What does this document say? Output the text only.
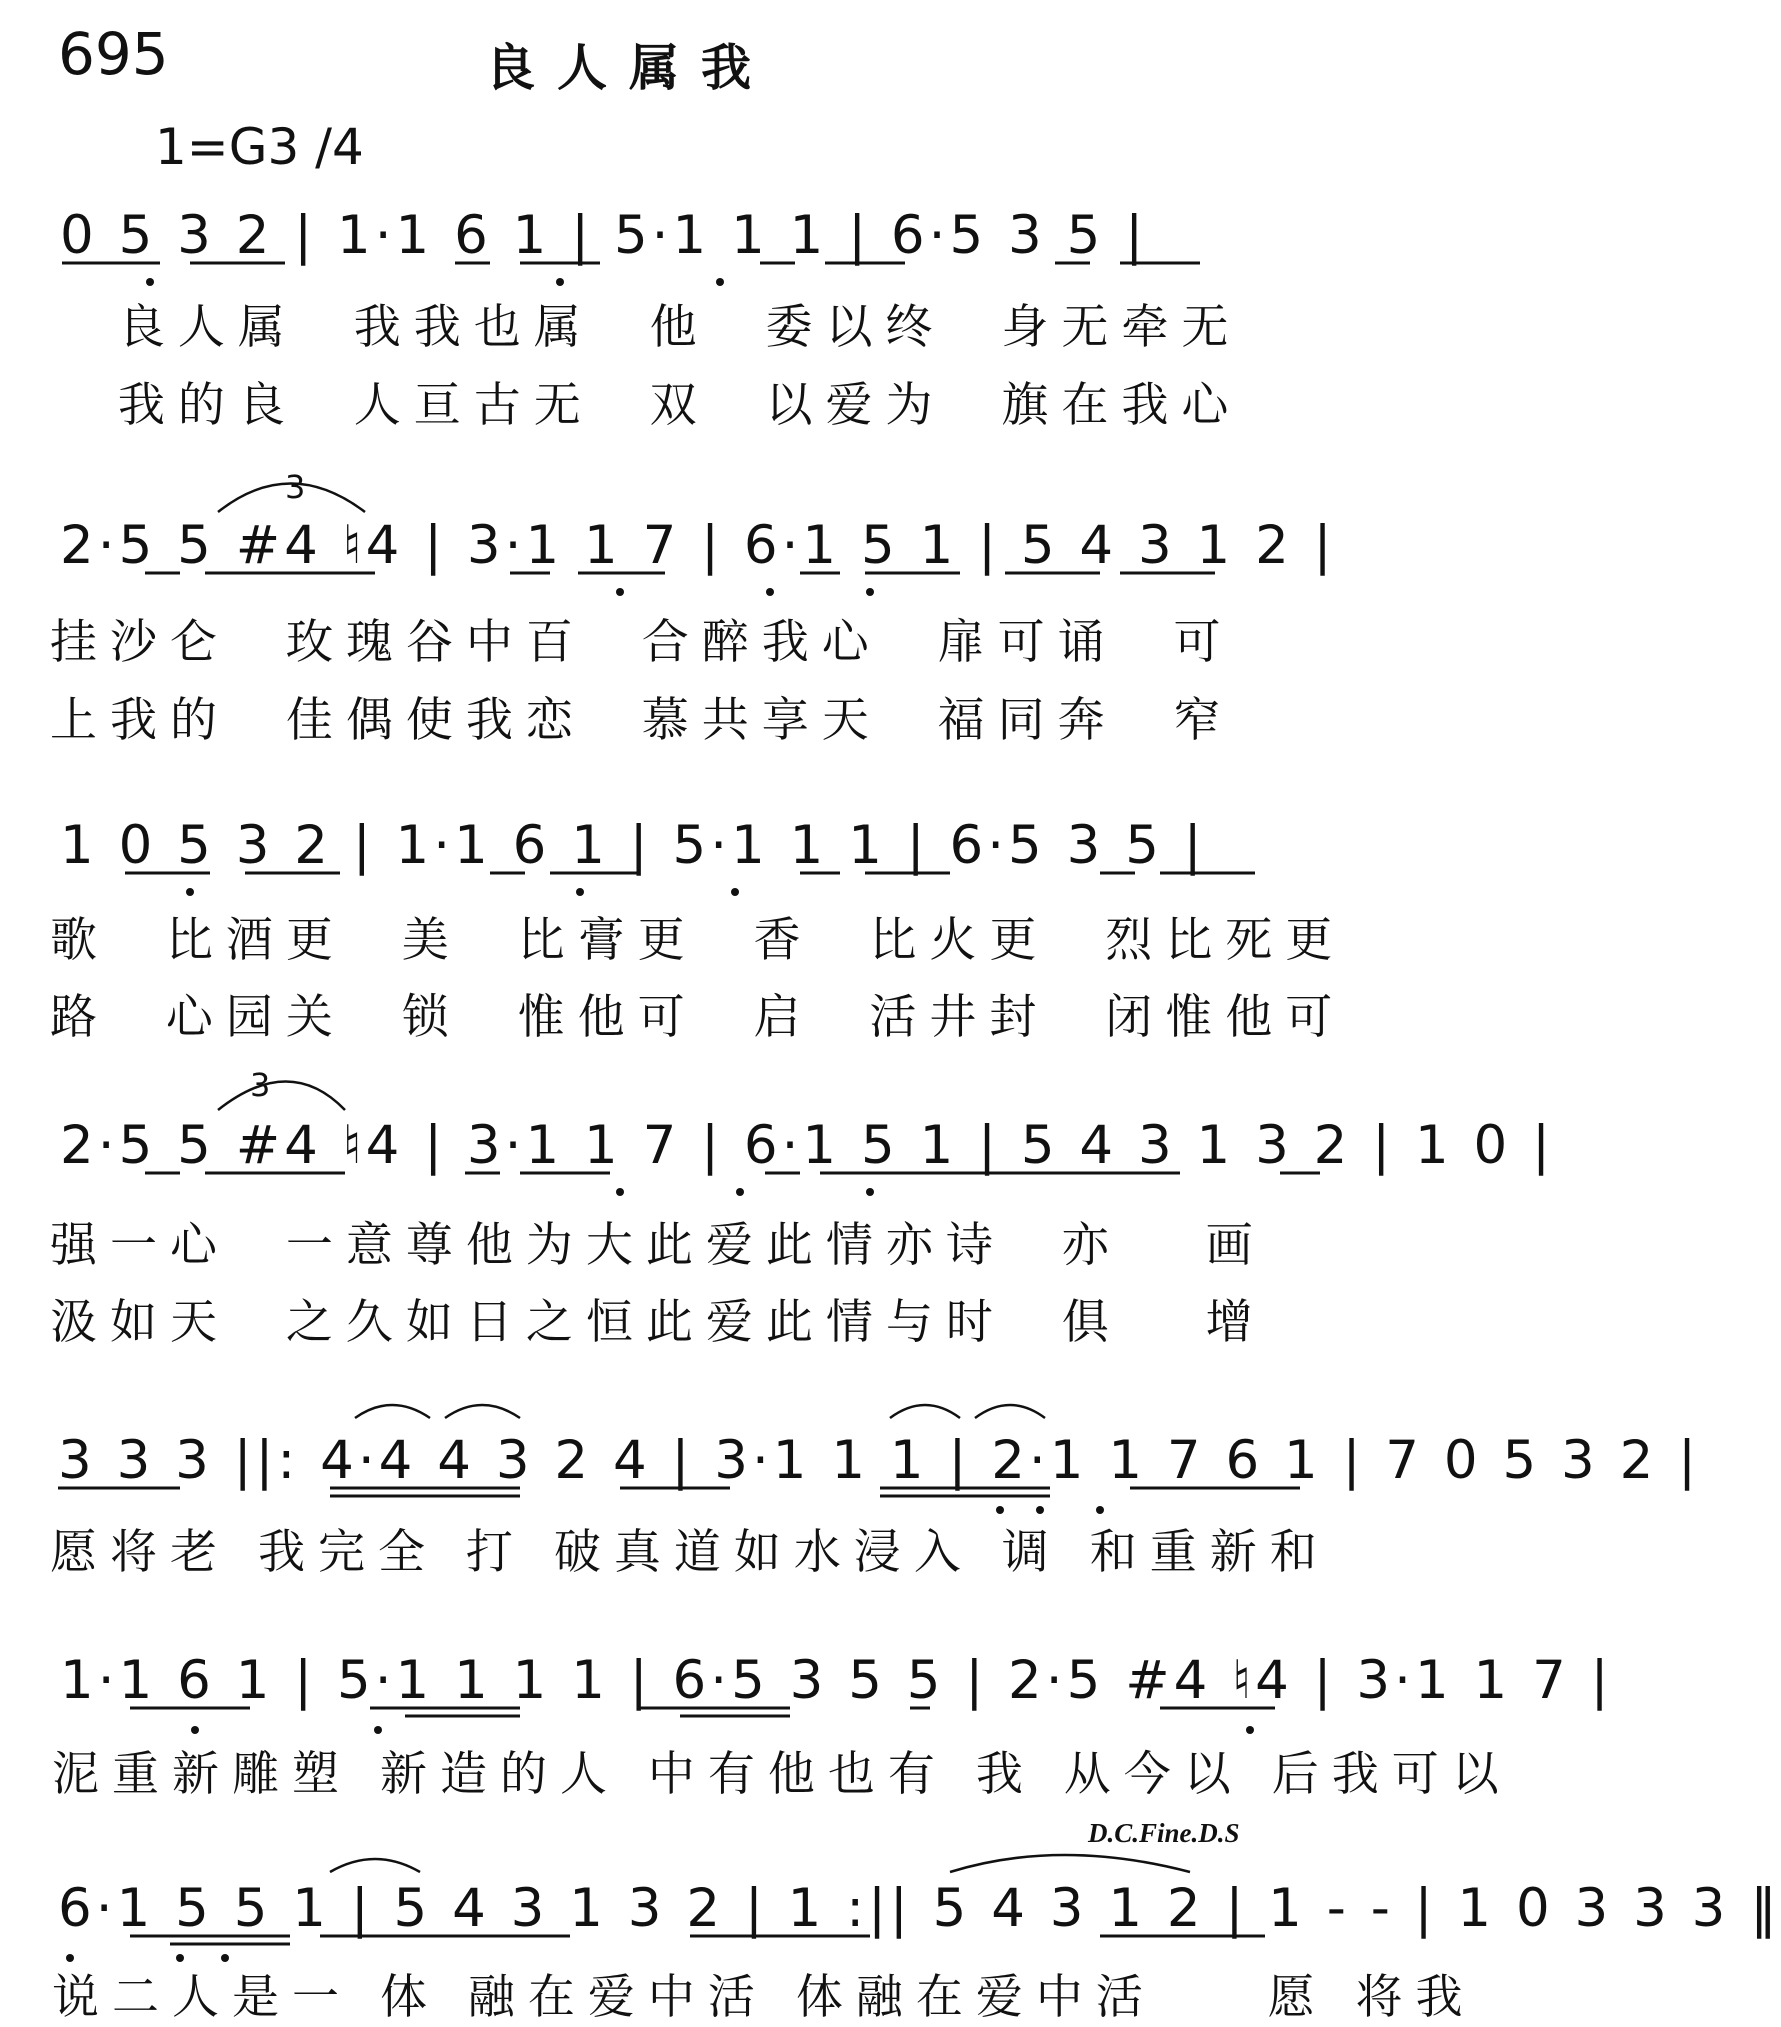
695	良人属我
1=G3 /4
0 5 3 2 | 1·1 6 1 | 5·1 1 1 | 6·5 3 5 |
良人属  我我也属  他  委以终  身无牵无
我的良  人亘古无  双  以爱为  旗在我心
2·5 5 #4 ♮4 | 3·1 1 7 | 6·1 5 1 | 5 4 3 1 2 |
挂沙仑  玫瑰谷中百  合醉我心  扉可诵  可
上我的  佳偶使我恋  慕共享天  福同奔  窄
1 0 5 3 2 | 1·1 6 1 | 5·1 1 1 | 6·5 3 5 |
歌  比酒更  美  比膏更  香  比火更  烈比死更
路  心园关  锁  惟他可  启  活井封  闭惟他可
2·5 5 #4 ♮4 | 3·1 1 7 | 6·1 5 1 | 5 4 3 1 3 2 | 1 0 |
强一心  一意尊他为大此爱此情亦诗  亦   画
汲如天  之久如日之恒此爱此情与时  俱   增
3 3 3 ||: 4·4 4 3 2 4 | 3·1 1 1 | 2·1 1 7 6 1 | 7 0 5 3 2 |
愿将老 我完全 打 破真道如水浸入 调 和重新和
1·1 6 1 | 5·1 1 1 1 | 6·5 3 5 5 | 2·5 #4 ♮4 | 3·1 1 7 |
泥重新雕塑 新造的人 中有他也有 我 从今以 后我可以
D.C.Fine.D.S
6·1 5 5 1 | 5 4 3 1 3 2 | 1 :|| 5 4 3 1 2 | 1 - - | 1 0 3 3 3 ‖
说二人是一 体 融在爱中活 体融在爱中活    愿 将我
3
3
